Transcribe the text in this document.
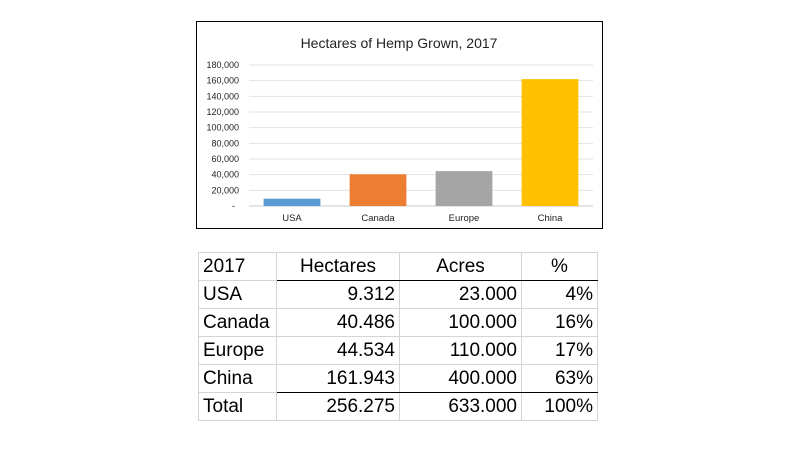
Hectares of Hemp Grown, 2017
-
20,000
40,000
60,000
80,000
100,000
120,000
140,000
160,000
180,000
USA	Canada	Europe	China
2017	Hectares	Acres	%
USA	9.312	23.000	4%
Canada	40.486	100.000	16%
Europe	44.534	110.000	17%
China	161.943	400.000	63%
Total	256.275	633.000	100%
